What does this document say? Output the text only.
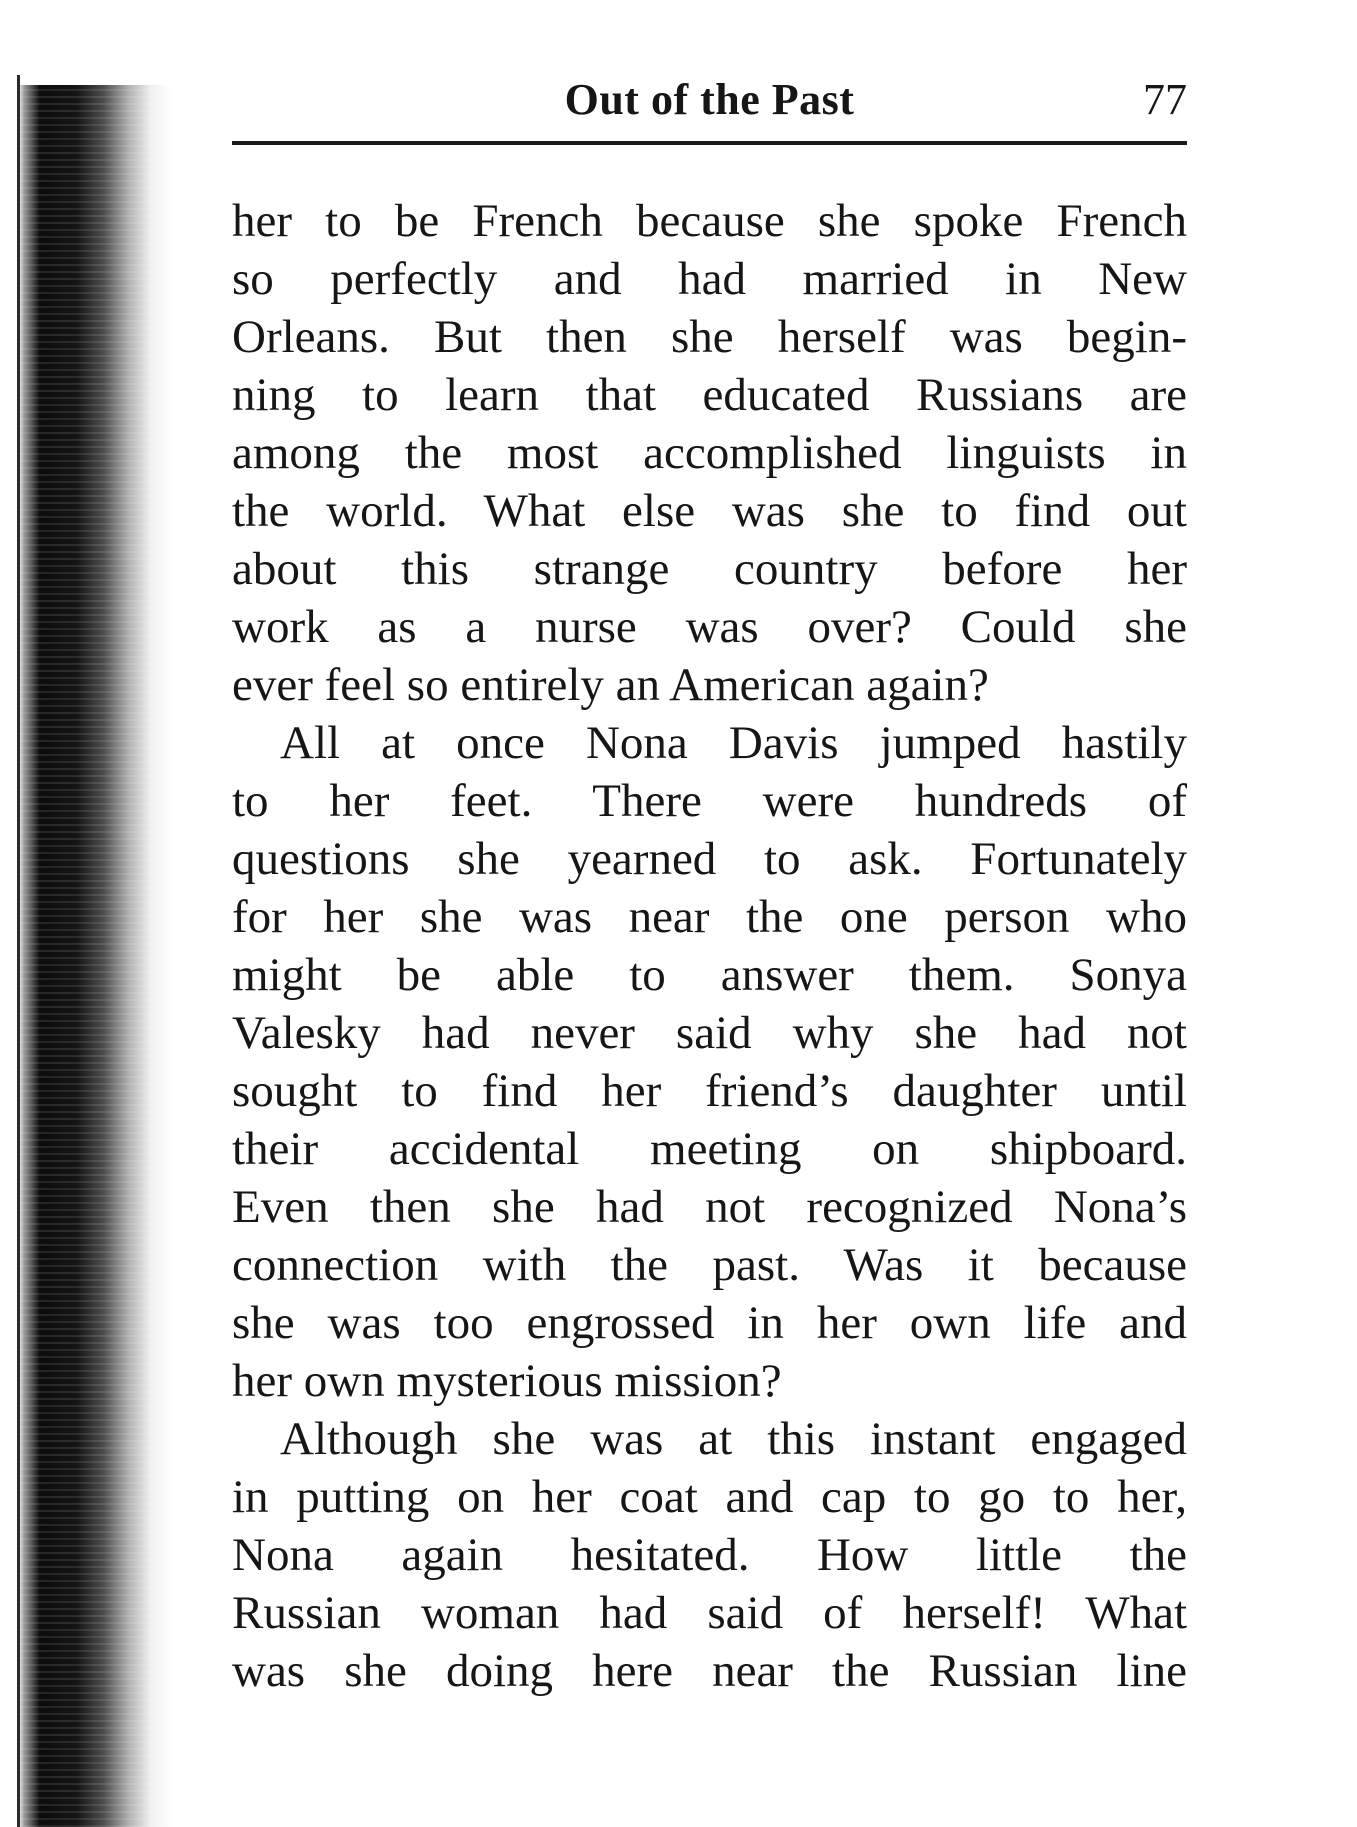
Out of the Past	77
her to be French because she spoke French
so perfectly and had married in New
Orleans. But then she herself was begin-
ning to learn that educated Russians are
among the most accomplished linguists in
the world. What else was she to find out
about this strange country before her
work as a nurse was over? Could she
ever feel so entirely an American again?
All at once Nona Davis jumped hastily
to her feet. There were hundreds of
questions she yearned to ask. Fortunately
for her she was near the one person who
might be able to answer them. Sonya
Valesky had never said why she had not
sought to find her friend’s daughter until
their accidental meeting on shipboard.
Even then she had not recognized Nona’s
connection with the past. Was it because
she was too engrossed in her own life and
her own mysterious mission?
Although she was at this instant engaged
in putting on her coat and cap to go to her,
Nona again hesitated. How little the
Russian woman had said of herself! What
was she doing here near the Russian line
